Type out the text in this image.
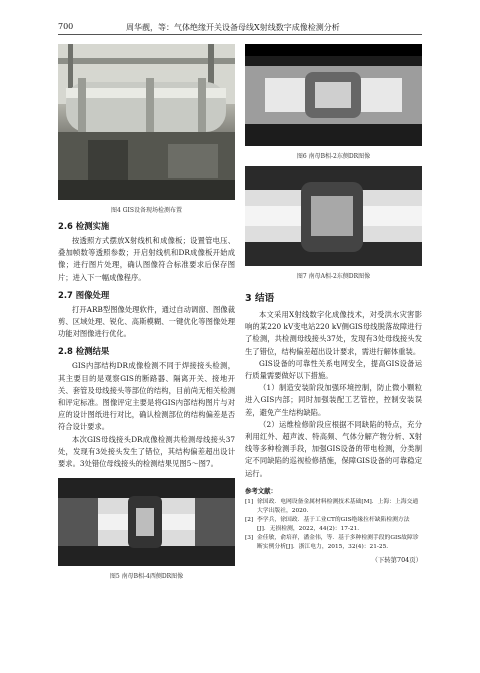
700	周华靓，等：气体绝缘开关设备母线X射线数字成像检测分析
图4 GIS设备现场检测布置
2.6 检测实施

按透照方式摆放X射线机和成像板；设置管电压、叠加帧数等透照参数；开启射线机和DR成像板开始成像；进行图片处理，确认图像符合标准要求后保存图片；进入下一幅成像程序。

2.7 图像处理

打开ARB型图像处理软件，通过自动调窗、图像裁剪、区域处理、锐化、高斯模糊、一键优化等图像处理功能对图像进行优化。

2.8 检测结果

GIS内部结构DR成像检测不同于焊接接头检测，其主要目的是观察GIS的断路器、隔离开关、接地开关、套管及母线接头等部位的结构，目前尚无相关检测和评定标准。图像评定主要是将GIS内部结构图片与对应的设计图纸进行对比，确认检测部位的结构偏差是否符合设计要求。

本次GIS母线接头DR成像检测共检测母线接头37处，发现有3处接头发生了错位，其结构偏差超出设计要求。3处错位母线接头的检测结果见图5～图7。

图5 南母B相-4西侧DR图像
图6 南母B相-2东侧DR图像
图7 南母A相-2东侧DR图像
3 结语

本文采用X射线数字化成像技术，对受洪水灾害影响的某220 kV变电站220 kV侧GIS母线脱落故障进行了检测，共检测母线接头37处，发现有3处母线接头发生了错位，结构偏差超出设计要求，需进行解体重装。

GIS设备的可靠性关系电网安全，提高GIS设备运行质量需要做好以下措施。

（1）制造安装阶段加强环境控制，防止微小颗粒进入GIS内部；同时加强装配工艺管控，控制安装误差，避免产生结构缺陷。

（2）运维检修阶段应根据不同缺陷的特点，充分利用红外、超声波、特高频、气体分解产物分析、X射线等多种检测手段，加强GIS设备的带电检测，分类制定不同缺陷的巡视检修措施，保障GIS设备的可靠稳定运行。

参考文献：
[1] 徐国政．电网设备金属材料检测技术基础[M]．上海：上海交通大学出版社，2020.
[2] 李学兵，徐国政．基于工业CT的GIS绝缘拉杆缺陷检测方法[J]．无损检测，2022，44(2)：17-21.
[3] 金佳敏，俞培祥，潘金伟，等．基于多种检测手段的GIS故障诊断实例分析[J]．浙江电力，2015，32(4)：21-25.
（下转第704页）
